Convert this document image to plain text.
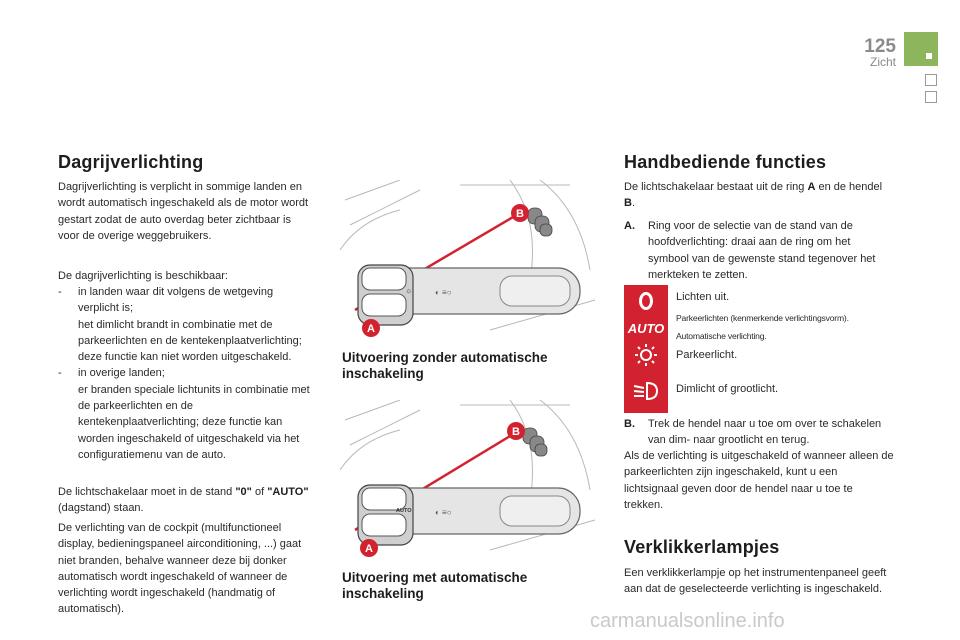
125
Zicht
Dagrijverlichting

Dagrijverlichting is verplicht in sommige landen en wordt automatisch ingeschakeld als de motor wordt gestart zodat de auto overdag beter zichtbaar is voor de overige weggebruikers.

De dagrijverlichting is beschikbaar:

- in landen waar dit volgens de wetgeving verplicht is;
het dimlicht brandt in combinatie met de parkeerlichten en de kentekenplaatverlichting; deze functie kan niet worden uitgeschakeld.
- in overige landen;
er branden speciale lichtunits in combinatie met de parkeerlichten en de kentekenplaatverlichting; deze functie kan worden ingeschakeld of uitgeschakeld via het configuratiemenu van de auto.

De lichtschakelaar moet in de stand "0" of "AUTO" (dagstand) staan.

De verlichting van de cockpit (multifunctioneel display, bedieningspaneel airconditioning, ...) gaat niet branden, behalve wanneer deze bij donker automatisch wordt ingeschakeld of wanneer de verlichting wordt ingeschakeld (handmatig of automatisch).

☼	◐ ≡○
B
A
Uitvoering zonder automatische inschakeling
AUTO	◐ ≡○
B
A
Uitvoering met automatische inschakeling
Handbediende functies

De lichtschakelaar bestaat uit de ring A en de hendel B.

A. Ring voor de selectie van de stand van de hoofdverlichting: draai aan de ring om het symbool van de gewenste stand tegenover het merkteken te zetten.

AUTO
Lichten uit.
Parkeerlichten (kenmerkende verlichtingsvorm).
Automatische verlichting.
Parkeerlicht.
Dimlicht of grootlicht.
B. Trek de hendel naar u toe om over te schakelen van dim- naar grootlicht en terug.

Als de verlichting is uitgeschakeld of wanneer alleen de parkeerlichten zijn ingeschakeld, kunt u een lichtsignaal geven door de hendel naar u toe te trekken.

Verklikkerlampjes

Een verklikkerlampje op het instrumentenpaneel geeft aan dat de geselecteerde verlichting is ingeschakeld.

carmanualsonline.info
